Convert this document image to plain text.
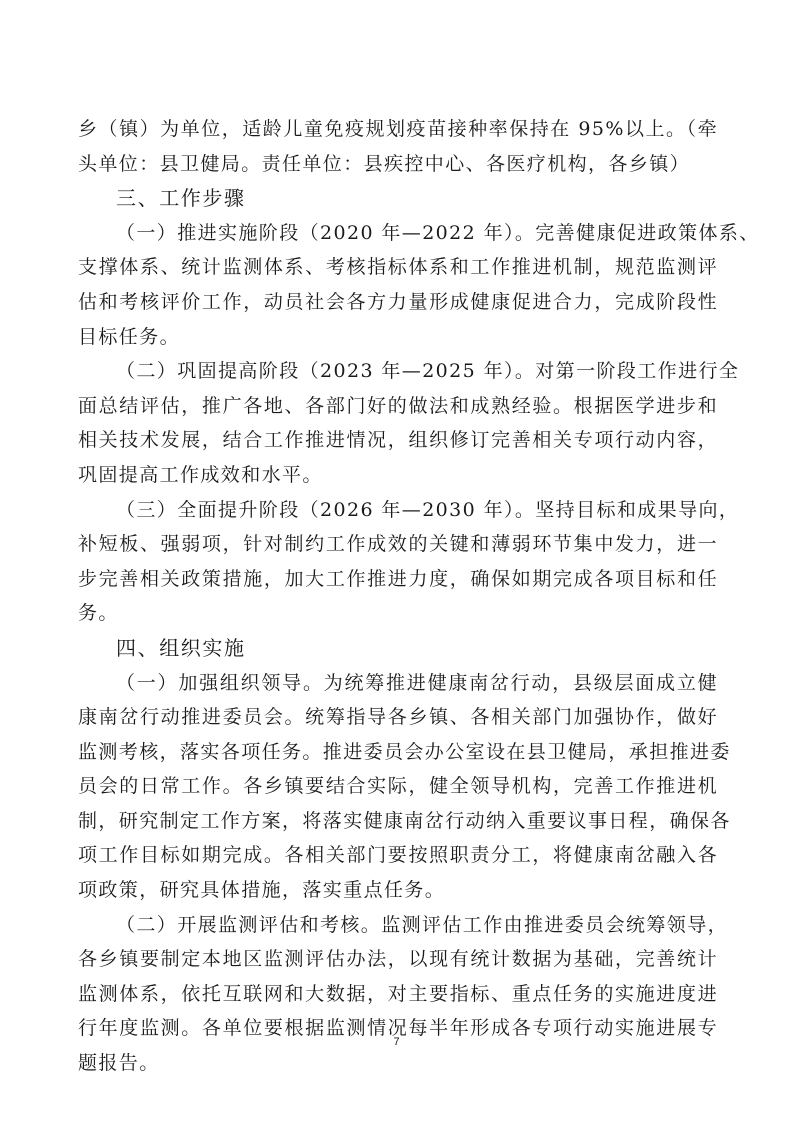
乡（镇）为单位，适龄儿童免疫规划疫苗接种率保持在 95%以上。（牵
头单位：县卫健局。责任单位：县疾控中心、各医疗机构，各乡镇）
三、工作步骤
（一）推进实施阶段（2020 年—2022 年）。完善健康促进政策体系、
支撑体系、统计监测体系、考核指标体系和工作推进机制，规范监测评
估和考核评价工作，动员社会各方力量形成健康促进合力，完成阶段性
目标任务。
（二）巩固提高阶段（2023 年—2025 年）。对第一阶段工作进行全
面总结评估，推广各地、各部门好的做法和成熟经验。根据医学进步和
相关技术发展，结合工作推进情况，组织修订完善相关专项行动内容，
巩固提高工作成效和水平。
（三）全面提升阶段（2026 年—2030 年）。坚持目标和成果导向，
补短板、强弱项，针对制约工作成效的关键和薄弱环节集中发力，进一
步完善相关政策措施，加大工作推进力度，确保如期完成各项目标和任
务。
四、组织实施
（一）加强组织领导。为统筹推进健康南岔行动，县级层面成立健
康南岔行动推进委员会。统筹指导各乡镇、各相关部门加强协作，做好
监测考核，落实各项任务。推进委员会办公室设在县卫健局，承担推进委
员会的日常工作。各乡镇要结合实际，健全领导机构，完善工作推进机
制，研究制定工作方案，将落实健康南岔行动纳入重要议事日程，确保各
项工作目标如期完成。各相关部门要按照职责分工，将健康南岔融入各
项政策，研究具体措施，落实重点任务。
（二）开展监测评估和考核。监测评估工作由推进委员会统筹领导，
各乡镇要制定本地区监测评估办法，以现有统计数据为基础，完善统计
监测体系，依托互联网和大数据，对主要指标、重点任务的实施进度进
行年度监测。各单位要根据监测情况每半年形成各专项行动实施进展专
题报告。
7
